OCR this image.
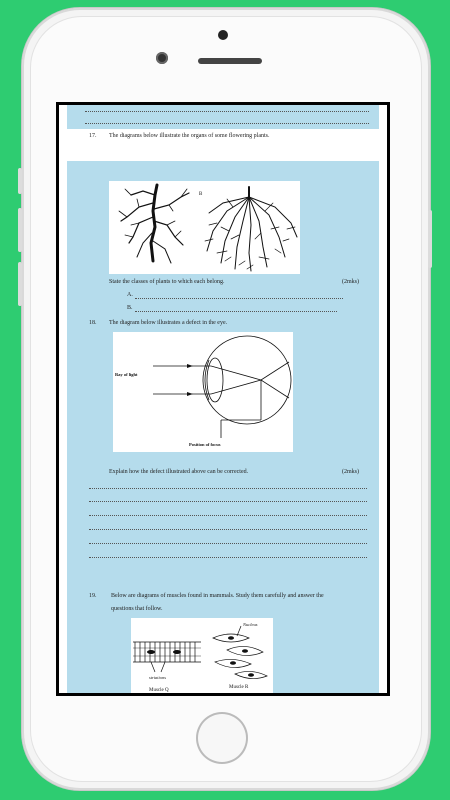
17. The diagrams below illustrate the organs of some flowering plants.
B
State the classes of plants to which each belong.	(2mks)
A.
B.
18. The diagram below illustrates a defect in the eye.
Ray of light
Position of focus
Explain how the defect illustrated above can be corrected.	(2mks)
19. Below are diagrams of muscles found in mammals. Study them carefully and answer the
questions that follow.
Nucleus
striations
Muscle Q
Muscle R
